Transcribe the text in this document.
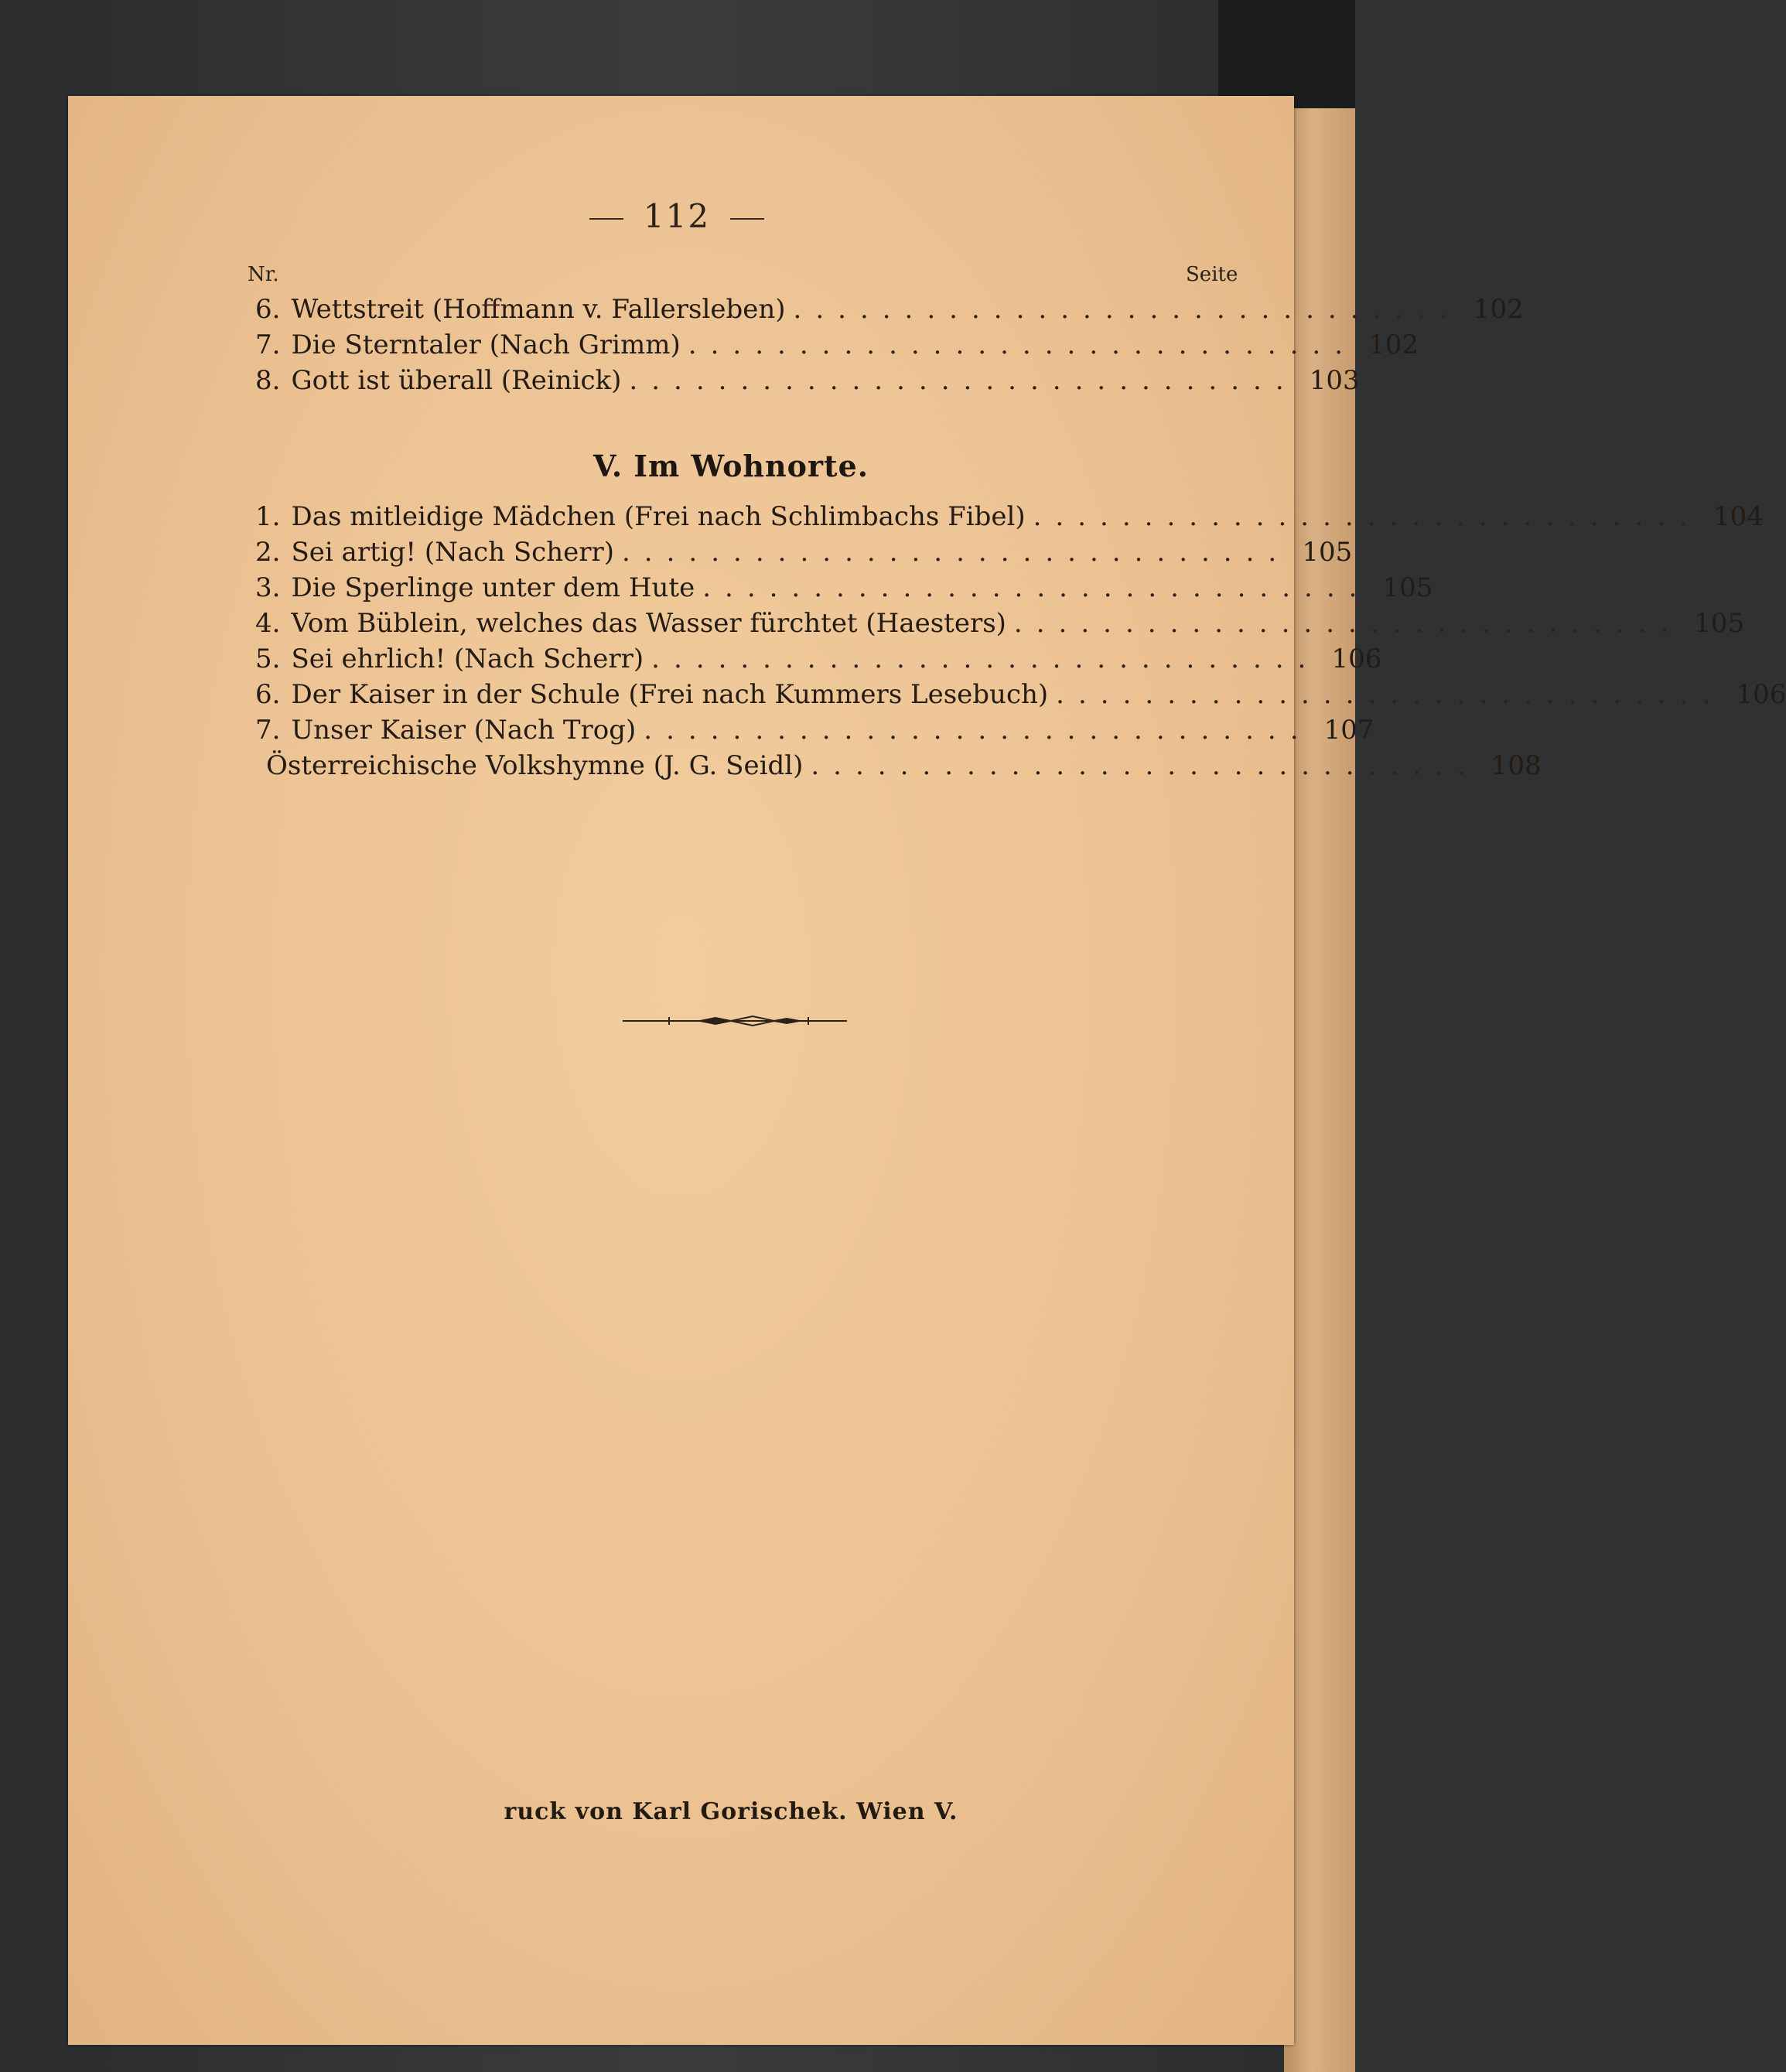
112
Nr.	Seite
6. Wettstreit (Hoffmann v. Fallersleben) .............................. 102
7. Die Sterntaler (Nach Grimm) .............................. 102
8. Gott ist überall (Reinick) .............................. 103
V. Im Wohnorte.
1. Das mitleidige Mädchen (Frei nach Schlimbachs Fibel) .............................. 104
2. Sei artig! (Nach Scherr) .............................. 105
3. Die Sperlinge unter dem Hute .............................. 105
4. Vom Büblein, welches das Wasser fürchtet (Haesters) .............................. 105
5. Sei ehrlich! (Nach Scherr) .............................. 106
6. Der Kaiser in der Schule (Frei nach Kummers Lesebuch) .............................. 106
7. Unser Kaiser (Nach Trog) .............................. 107
Österreichische Volkshymne (J. G. Seidl) .............................. 108
ruck von Karl Gorischek. Wien V.
